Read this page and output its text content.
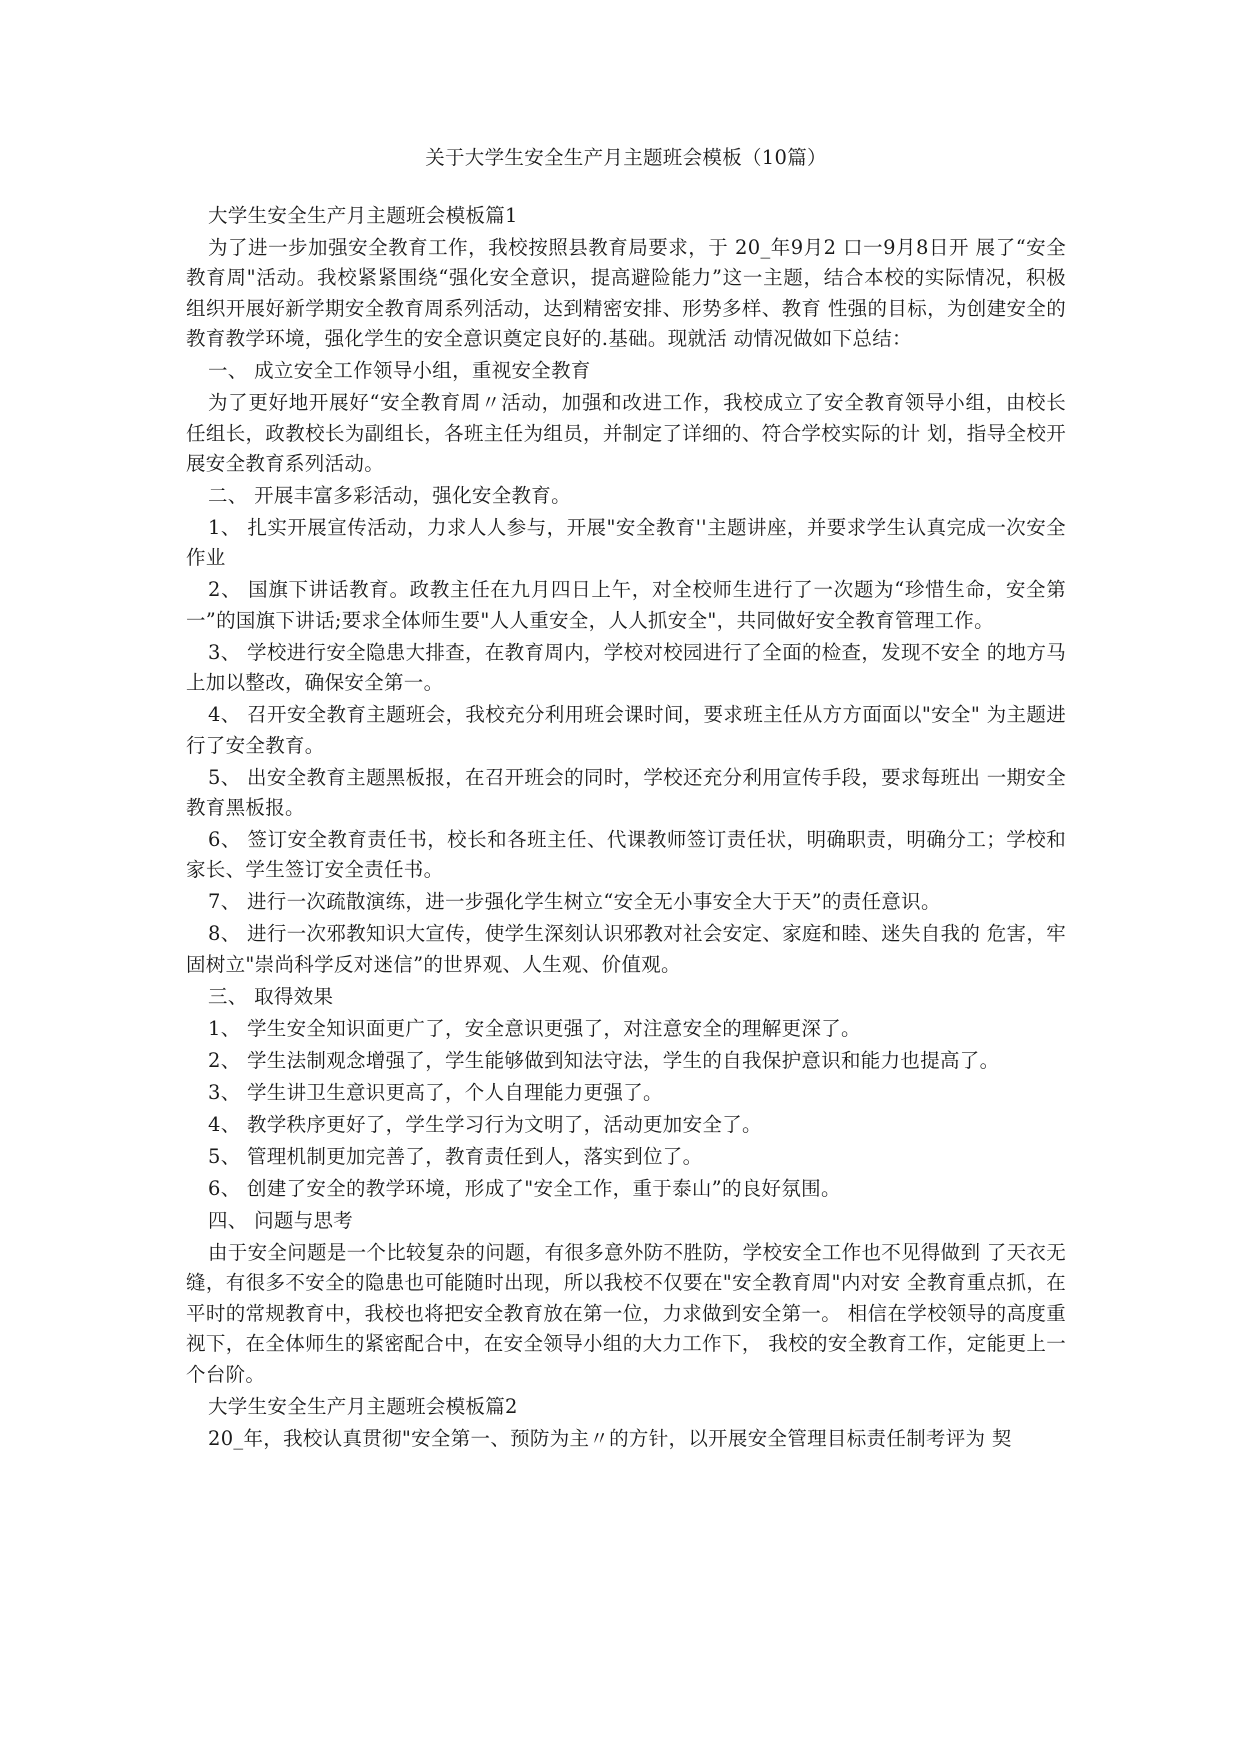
关于大学生安全生产月主题班会模板（10篇）
大学生安全生产月主题班会模板篇1
为了进一步加强安全教育工作，我校按照县教育局要求，于 20_年9月2 口一9月8日开 展了“安全教育周"活动。我校紧紧围绕“强化安全意识，提高避险能力”这一主题，结合本校的实际情况，积极组织开展好新学期安全教育周系列活动，达到精密安排、形势多样、教育 性强的目标，为创建安全的教育教学环境，强化学生的安全意识奠定良好的.基础。现就活 动情况做如下总结：
一、 成立安全工作领导小组，重视安全教育
为了更好地开展好“安全教育周〃活动，加强和改进工作，我校成立了安全教育领导小组，由校长任组长，政教校长为副组长，各班主任为组员，并制定了详细的、符合学校实际的计 划，指导全校开展安全教育系列活动。
二、 开展丰富多彩活动，强化安全教育。
1、 扎实开展宣传活动，力求人人参与，开展"安全教育''主题讲座，并要求学生认真完成一次安全作业
2、 国旗下讲话教育。政教主任在九月四日上午，对全校师生进行了一次题为“珍惜生命，安全第一”的国旗下讲话;要求全体师生要"人人重安全，人人抓安全"，共同做好安全教育管理工作。
3、 学校进行安全隐患大排查，在教育周内，学校对校园进行了全面的检查，发现不安全 的地方马上加以整改，确保安全第一。
4、 召开安全教育主题班会，我校充分利用班会课时间，要求班主任从方方面面以"安全" 为主题进行了安全教育。
5、 出安全教育主题黑板报，在召开班会的同时，学校还充分利用宣传手段，要求每班出 一期安全教育黑板报。
6、 签订安全教育责任书，校长和各班主任、代课教师签订责任状，明确职责，明确分工；学校和家长、学生签订安全责任书。
7、 进行一次疏散演练，进一步强化学生树立“安全无小事安全大于天”的责任意识。
8、 进行一次邪教知识大宣传，使学生深刻认识邪教对社会安定、家庭和睦、迷失自我的 危害，牢固树立"崇尚科学反对迷信”的世界观、人生观、价值观。
三、 取得效果
1、 学生安全知识面更广了，安全意识更强了，对注意安全的理解更深了。
2、 学生法制观念增强了，学生能够做到知法守法，学生的自我保护意识和能力也提高了。
3、 学生讲卫生意识更高了，个人自理能力更强了。
4、 教学秩序更好了，学生学习行为文明了，活动更加安全了。
5、 管理机制更加完善了，教育责任到人，落实到位了。
6、 创建了安全的教学环境，形成了"安全工作，重于泰山”的良好氛围。
四、 问题与思考
由于安全问题是一个比较复杂的问题，有很多意外防不胜防，学校安全工作也不见得做到 了天衣无缝，有很多不安全的隐患也可能随时出现，所以我校不仅要在"安全教育周"内对安 全教育重点抓，在平时的常规教育中，我校也将把安全教育放在第一位，力求做到安全第一。 相信在学校领导的高度重视下，在全体师生的紧密配合中，在安全领导小组的大力工作下， 我校的安全教育工作，定能更上一个台阶。
大学生安全生产月主题班会模板篇2
20_年，我校认真贯彻"安全第一、预防为主〃的方针，以开展安全管理目标责任制考评为 契
